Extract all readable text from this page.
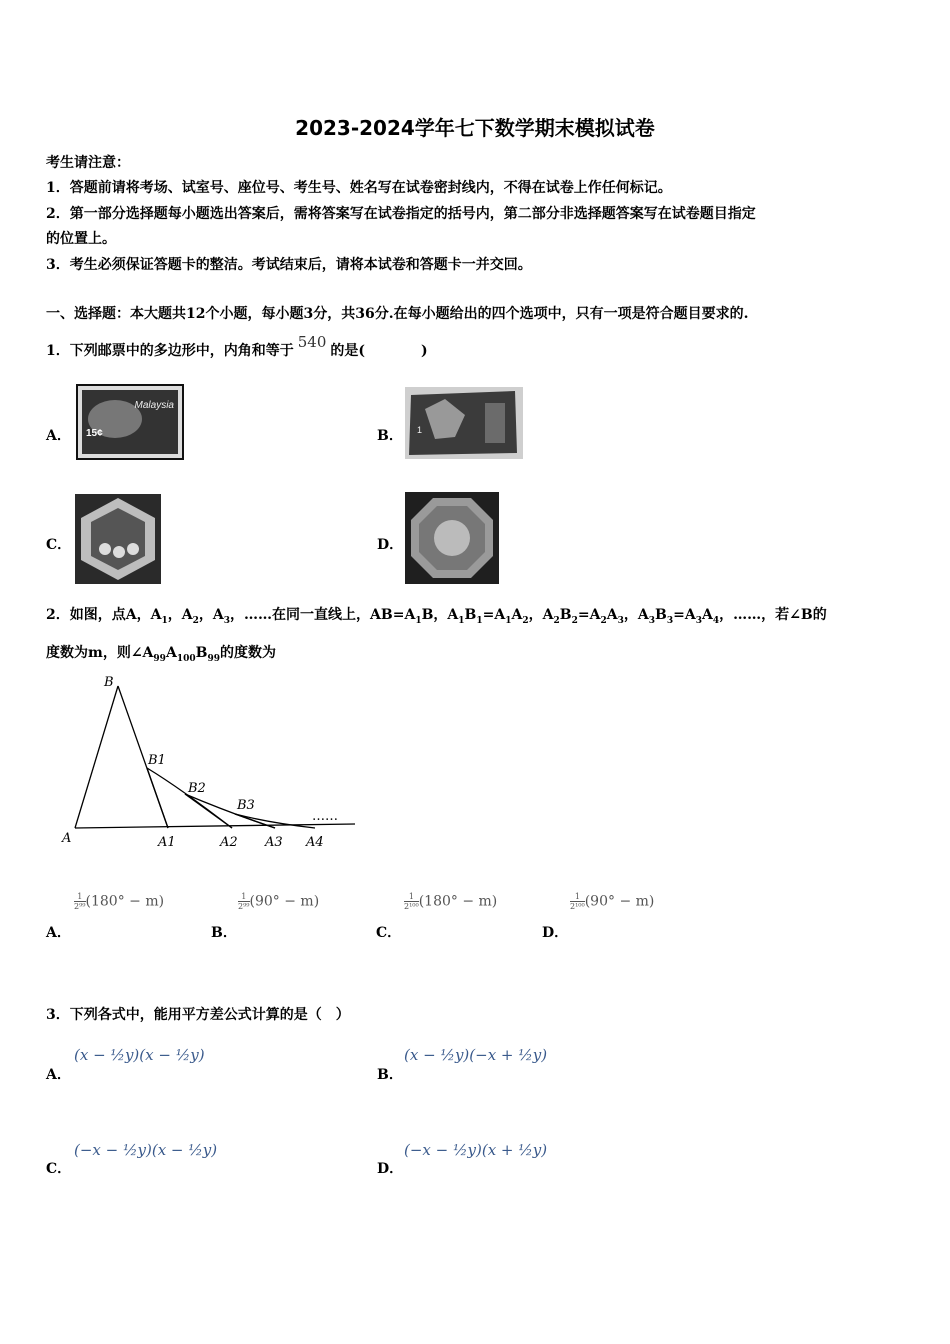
2023-2024学年七下数学期末模拟试卷
考生请注意：
1．答题前请将考场、试室号、座位号、考生号、姓名写在试卷密封线内，不得在试卷上作任何标记。
2．第一部分选择题每小题选出答案后，需将答案写在试卷指定的括号内，第二部分非选择题答案写在试卷题目指定
的位置上。
3．考生必须保证答题卡的整洁。考试结束后，请将本试卷和答题卡一并交回。
一、选择题：本大题共12个小题，每小题3分，共36分.在每小题给出的四个选项中，只有一项是符合题目要求的.
1．下列邮票中的多边形中，内角和等于 540 的是(　　　　)
A．
Malaysia
15¢	B． 1
C．	D．
2．如图，点A，$A_1$，$A_2$，$A_3$，……在同一直线上，$AB=A_1B$，$A_1B_1=A_1A_2$，$A_2B_2=A_2A_3$，$A_3B_3=A_3A_4$，……，若∠B的
度数为m，则$\angle A_{99}A_{100}B_{99}$的度数为
B
B1
B2
B3
A	A1	A2 A3 A4
……
A．
$\frac{1}{\text{2⁹⁹}}(180^\circ - m)$
B．
$\frac{1}{\text{2⁹⁹}}(90^\circ - m)$
C．
$\frac{1}{\text{2¹⁰⁰}}(180^\circ - m)$
D．
$\frac{1}{\text{2¹⁰⁰}}(90^\circ - m)$
3．下列各式中，能用平方差公式计算的是（　）
A．
(x − ½y)(x − ½y)
B．
(x − ½y)(−x + ½y)
C．
(−x − ½y)(x − ½y)
D．
(−x − ½y)(x + ½y)
